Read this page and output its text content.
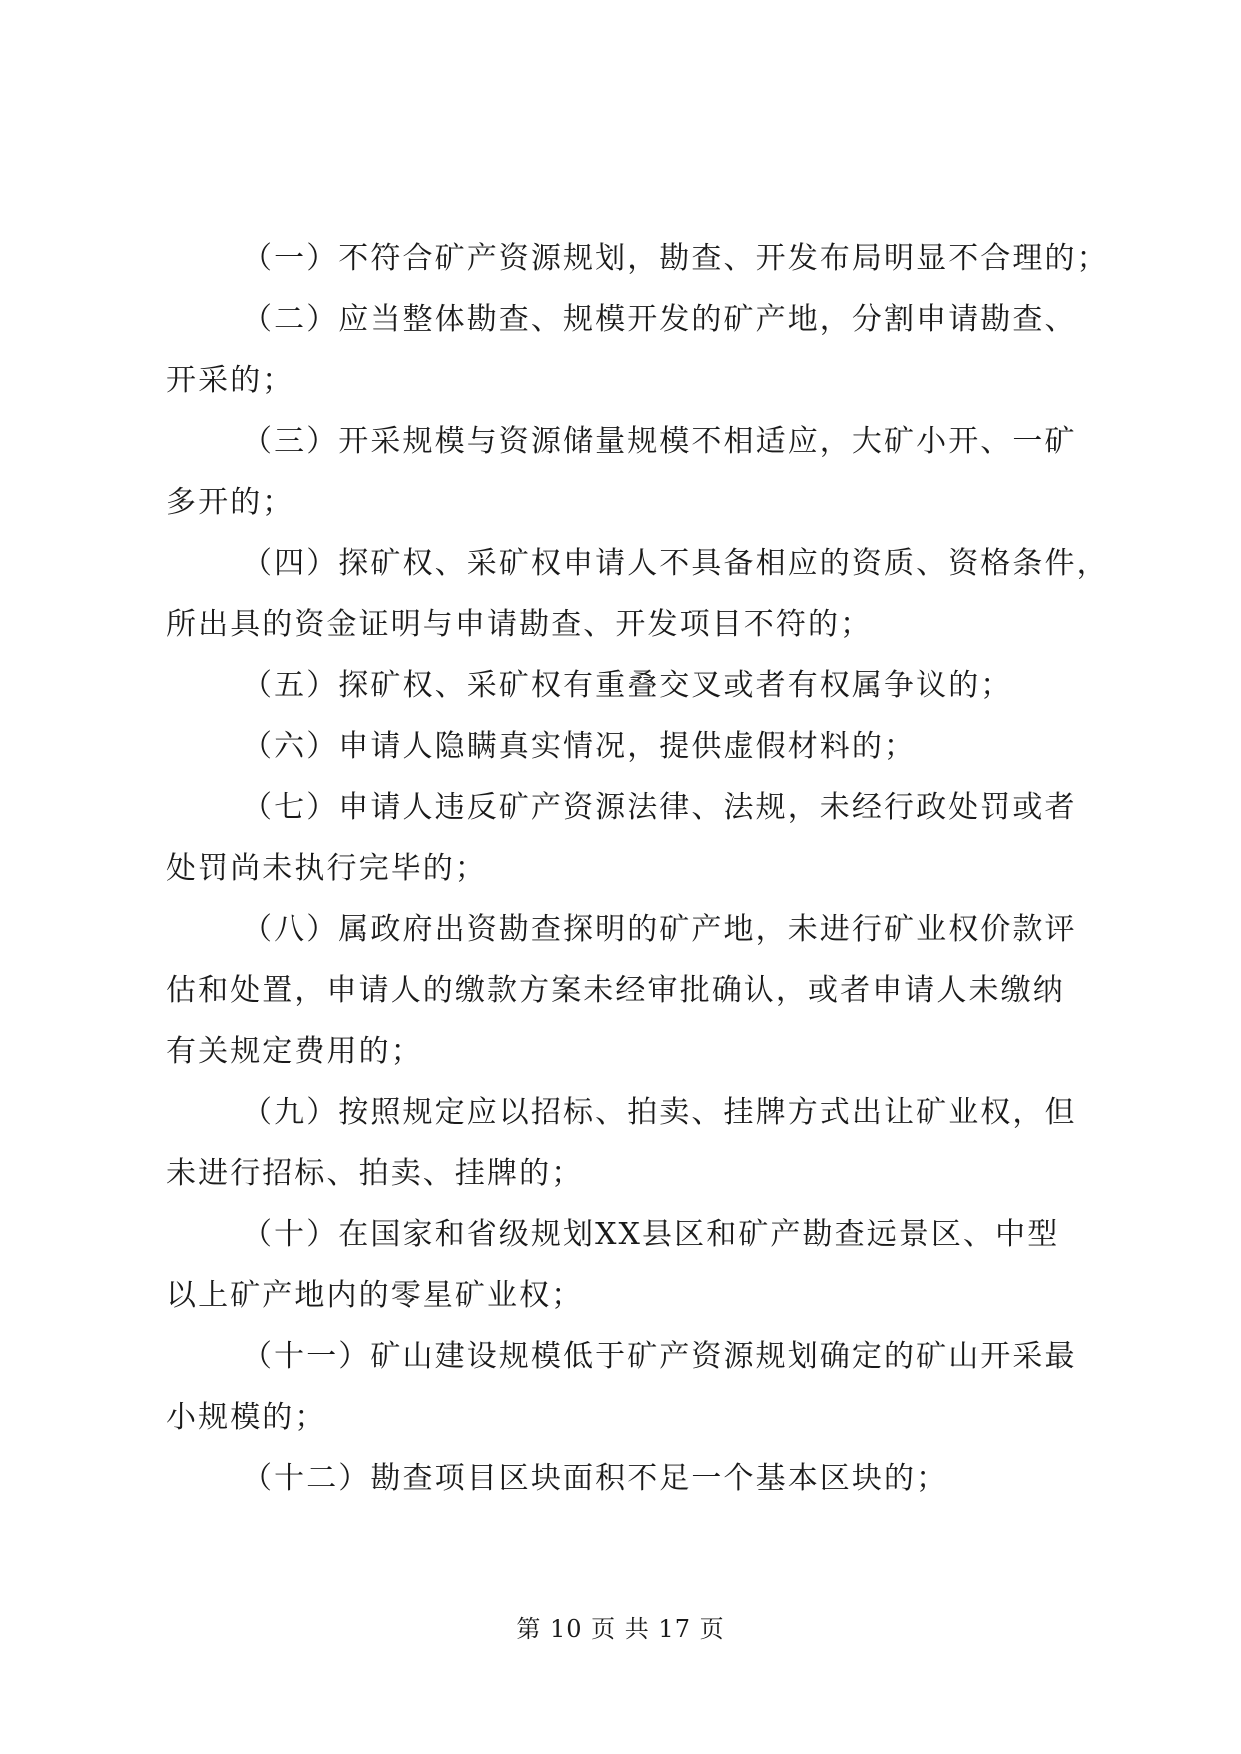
（一）不符合矿产资源规划，勘查、开发布局明显不合理的；
（二）应当整体勘查、规模开发的矿产地，分割申请勘查、
开采的；
（三）开采规模与资源储量规模不相适应，大矿小开、一矿
多开的；
（四）探矿权、采矿权申请人不具备相应的资质、资格条件，
所出具的资金证明与申请勘查、开发项目不符的；
（五）探矿权、采矿权有重叠交叉或者有权属争议的；
（六）申请人隐瞒真实情况，提供虚假材料的；
（七）申请人违反矿产资源法律、法规，未经行政处罚或者
处罚尚未执行完毕的；
（八）属政府出资勘查探明的矿产地，未进行矿业权价款评
估和处置，申请人的缴款方案未经审批确认，或者申请人未缴纳
有关规定费用的；
（九）按照规定应以招标、拍卖、挂牌方式出让矿业权，但
未进行招标、拍卖、挂牌的；
（十）在国家和省级规划XX县区和矿产勘查远景区、中型
以上矿产地内的零星矿业权；
（十一）矿山建设规模低于矿产资源规划确定的矿山开采最
小规模的；
（十二）勘查项目区块面积不足一个基本区块的；
第 10 页 共 17 页
